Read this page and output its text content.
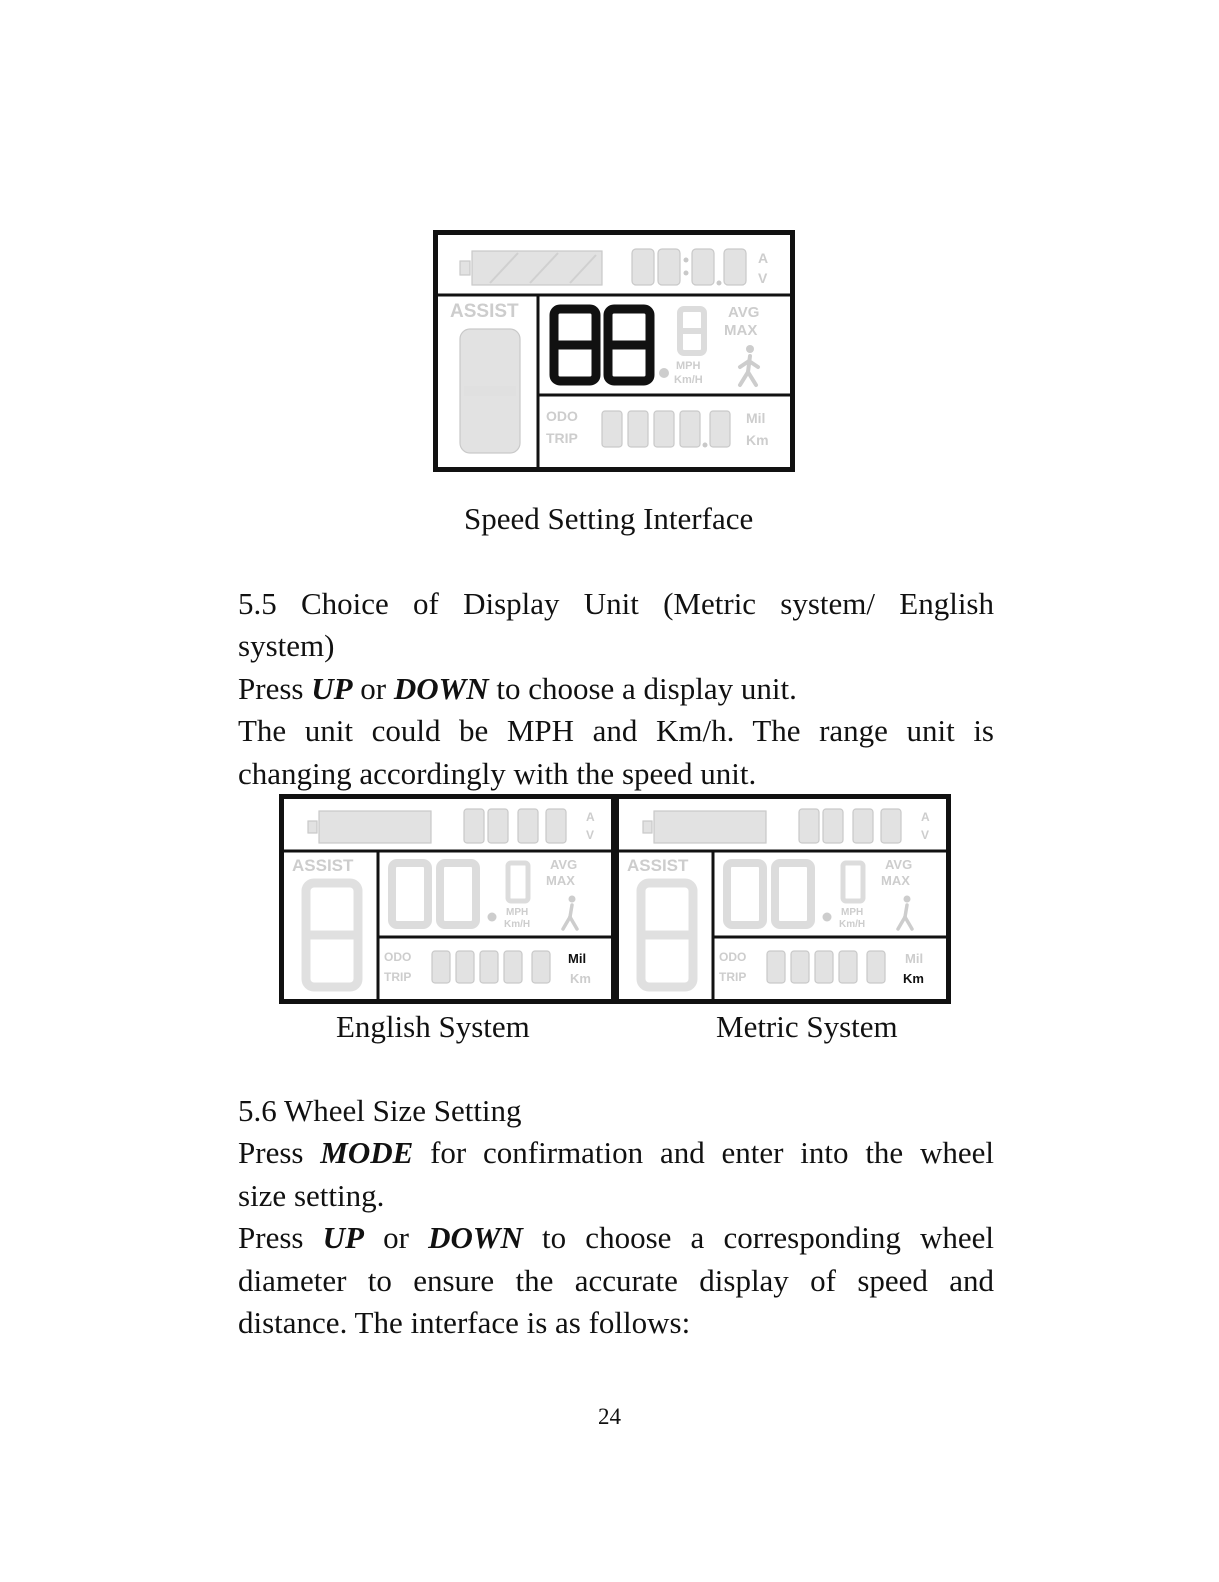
A
V
ASSIST
MPH
Km/H
AVG
MAX
ODO
TRIP
Mil
Km
Speed Setting Interface

5.5 Choice of Display Unit (Metric system/ English

system)

Press UP or DOWN to choose a display unit.

The unit could be MPH and Km/h. The range unit is

changing accordingly with the speed unit.

A
V
ASSIST
MPH
Km/H
AVG
MAX
ODO
TRIP
Mil
Km
A
V
ASSIST
MPH
Km/H
AVG
MAX
ODO
TRIP
Mil
Km
English System	Metric System

5.6 Wheel Size Setting

Press MODE for confirmation and enter into the wheel

size setting.

Press UP or DOWN to choose a corresponding wheel

diameter to ensure the accurate display of speed and

distance. The interface is as follows:

24
